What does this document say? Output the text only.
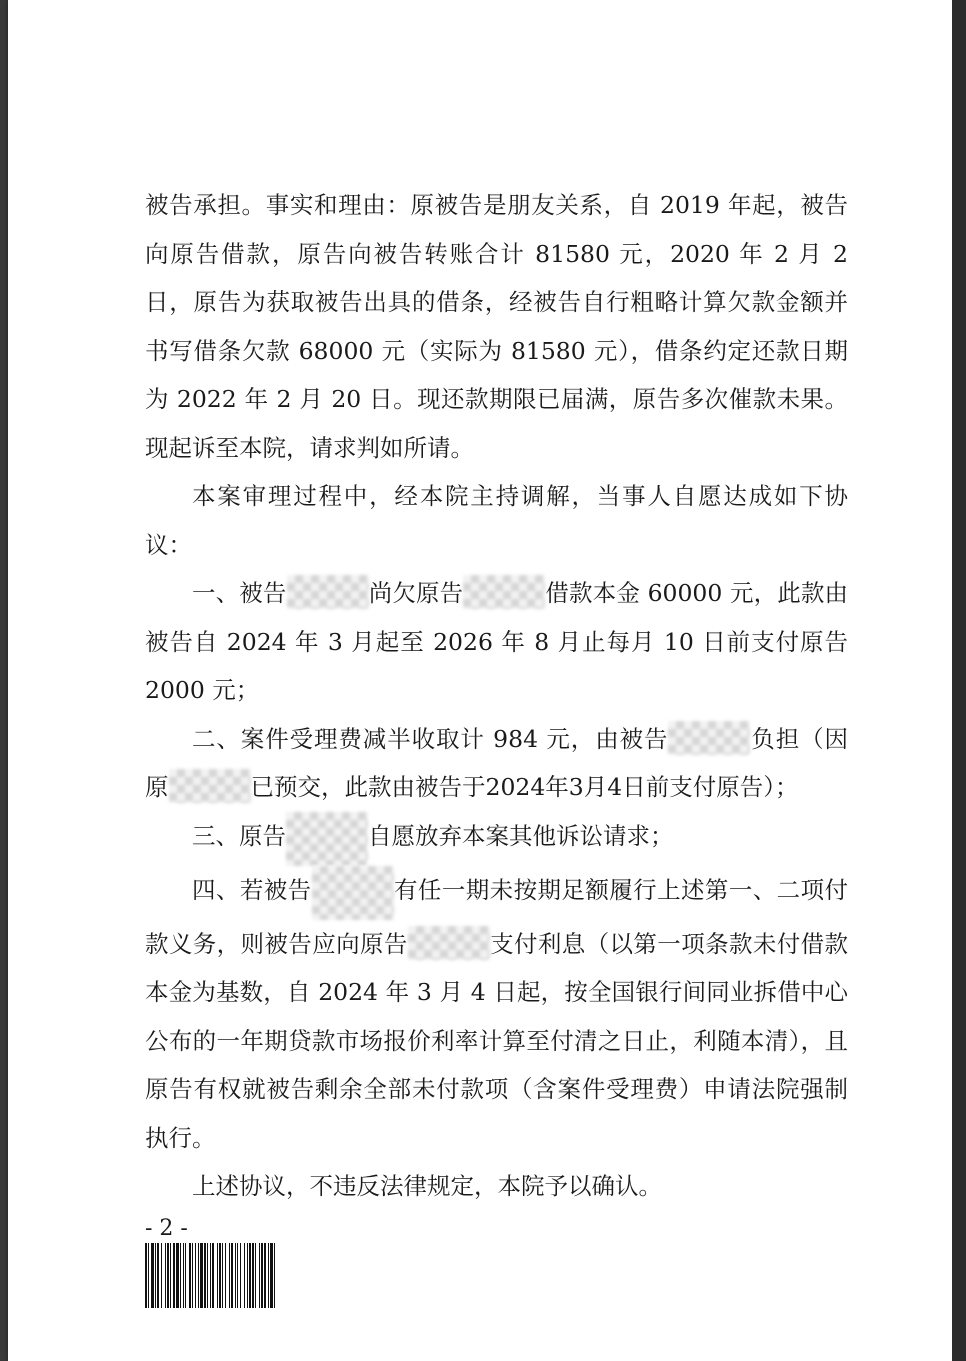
被告承担。事实和理由：原被告是朋友关系，自 2019 年起，被告向原告借款，原告向被告转账合计 81580 元，2020 年 2 月 2 日，原告为获取被告出具的借条，经被告自行粗略计算欠款金额并书写借条欠款 68000 元（实际为 81580 元），借条约定还款日期为 2022 年 2 月 20 日。现还款期限已届满，原告多次催款未果。现起诉至本院，请求判如所请。

本案审理过程中，经本院主持调解，当事人自愿达成如下协议：

一、被告	尚欠原告	借款本金 60000 元，此款由被告自 2024 年 3 月起至 2026 年 8 月止每月 10 日前支付原告 2000 元；

二、案件受理费减半收取计 984 元，由被告	负担（因原	已预交，此款由被告于2024年3月4日前支付原告）；

三、原告	自愿放弃本案其他诉讼请求；

四、若被告	有任一期未按期足额履行上述第一、二项付款义务，则被告应向原告	支付利息（以第一项条款未付借款本金为基数，自 2024 年 3 月 4 日起，按全国银行间同业拆借中心公布的一年期贷款市场报价利率计算至付清之日止，利随本清），且原告有权就被告剩余全部未付款项（含案件受理费）申请法院强制执行。

上述协议，不违反法律规定，本院予以确认。

- 2 -
